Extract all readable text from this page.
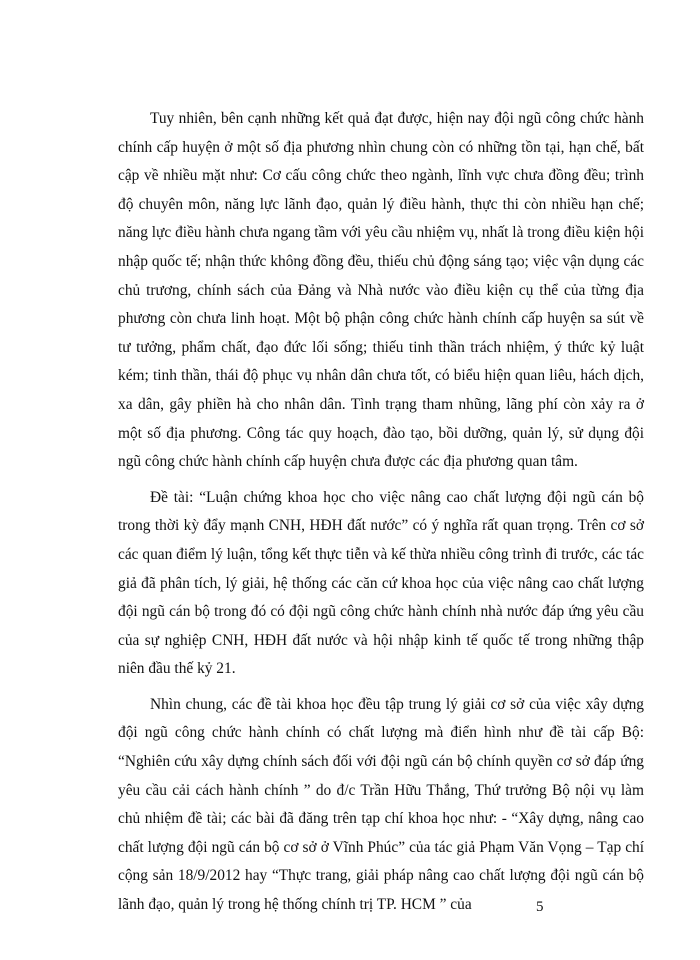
Tuy nhiên, bên cạnh những kết quả đạt được, hiện nay đội ngũ công chức hành chính cấp huyện ở một số địa phương nhìn chung còn có những tồn tại, hạn chế, bất cập về nhiều mặt như: Cơ cấu công chức theo ngành, lĩnh vực chưa đồng đều; trình độ chuyên môn, năng lực lãnh đạo, quản lý điều hành, thực thi còn nhiều hạn chế; năng lực điều hành chưa ngang tầm với yêu cầu nhiệm vụ, nhất là trong điều kiện hội nhập quốc tế; nhận thức không đồng đều, thiếu chủ động sáng tạo; việc vận dụng các chủ trương, chính sách của Đảng và Nhà nước vào điều kiện cụ thể của từng địa phương còn chưa linh hoạt. Một bộ phận công chức hành chính cấp huyện sa sút về tư tưởng, phẩm chất, đạo đức lối sống; thiếu tinh thần trách nhiệm, ý thức kỷ luật kém; tinh thần, thái độ phục vụ nhân dân chưa tốt, có biểu hiện quan liêu, hách dịch, xa dân, gây phiền hà cho nhân dân. Tình trạng tham nhũng, lãng phí còn xảy ra ở một số địa phương. Công tác quy hoạch, đào tạo, bồi dưỡng, quản lý, sử dụng đội ngũ công chức hành chính cấp huyện chưa được các địa phương quan tâm.

Đề tài: “Luận chứng khoa học cho việc nâng cao chất lượng đội ngũ cán bộ trong thời kỳ đẩy mạnh CNH, HĐH đất nước” có ý nghĩa rất quan trọng. Trên cơ sở các quan điểm lý luận, tổng kết thực tiễn và kế thừa nhiều công trình đi trước, các tác giả đã phân tích, lý giải, hệ thống các căn cứ khoa học của việc nâng cao chất lượng đội ngũ cán bộ trong đó có đội ngũ công chức hành chính nhà nước đáp ứng yêu cầu của sự nghiệp CNH, HĐH đất nước và hội nhập kinh tế quốc tế trong những thập niên đầu thế kỷ 21.

Nhìn chung, các đề tài khoa học đều tập trung lý giải cơ sở của việc xây dựng đội ngũ công chức hành chính có chất lượng mà điển hình như đề tài cấp Bộ: “Nghiên cứu xây dựng chính sách đối với đội ngũ cán bộ chính quyền cơ sở đáp ứng yêu cầu cải cách hành chính ” do đ/c Trần Hữu Thắng, Thứ trưởng Bộ nội vụ làm chủ nhiệm đề tài; các bài đã đăng trên tạp chí khoa học như: - “Xây dựng, nâng cao chất lượng đội ngũ cán bộ cơ sở ở Vĩnh Phúc” của tác giả Phạm Văn Vọng – Tạp chí cộng sản 18/9/2012 hay “Thực trang, giải pháp nâng cao chất lượng đội ngũ cán bộ lãnh đạo, quản lý trong hệ thống chính trị TP. HCM ” của	5
